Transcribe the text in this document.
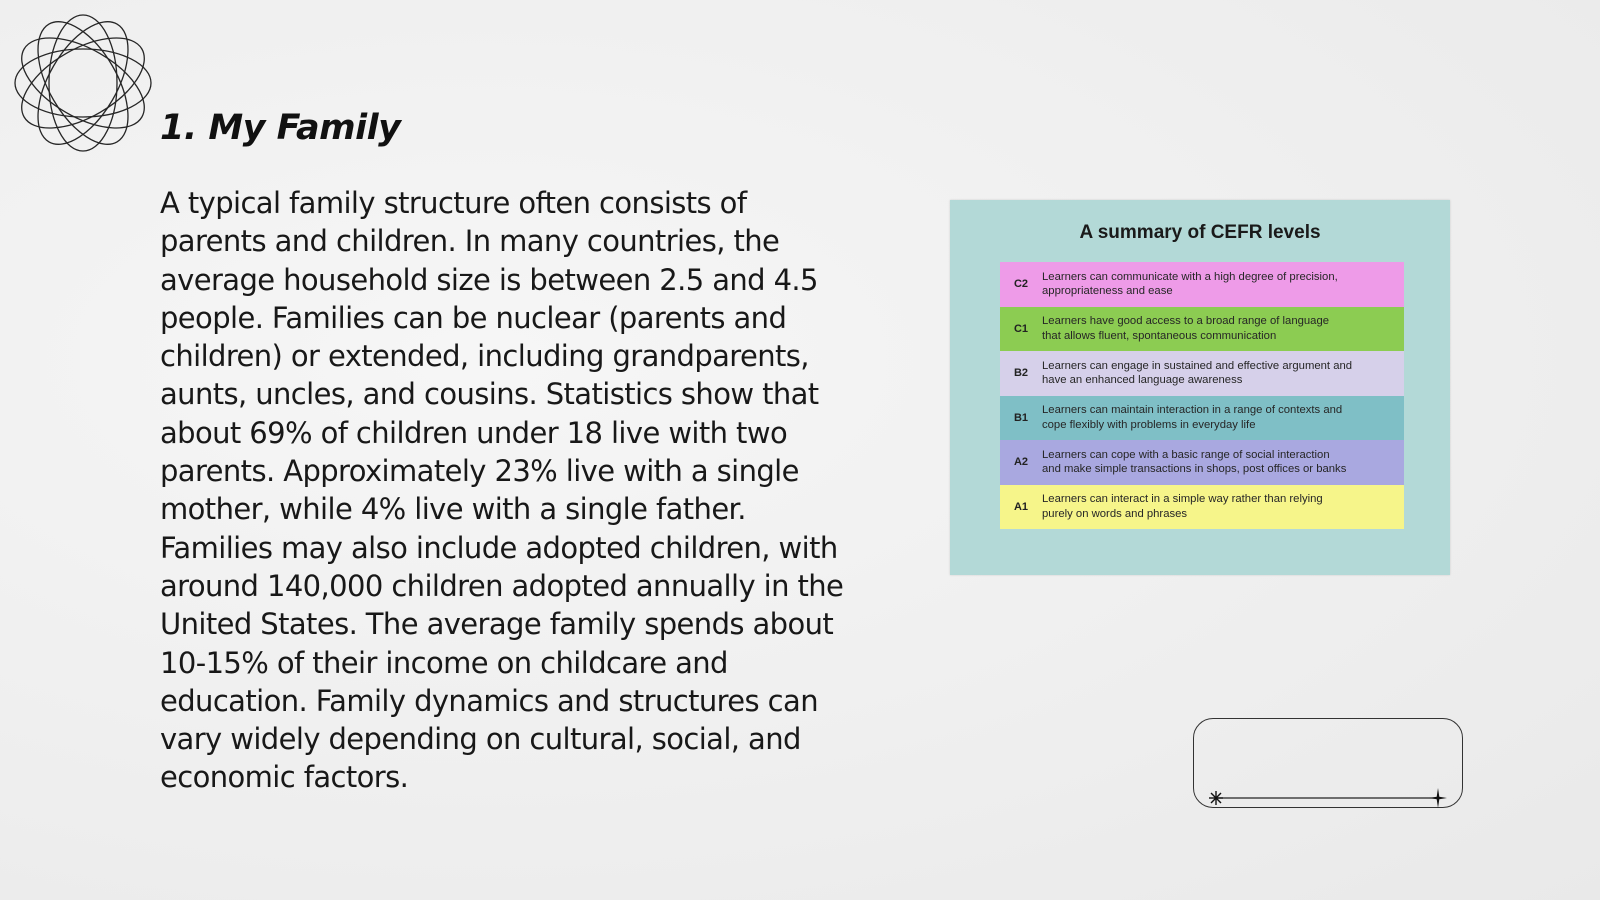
1. My Family

A typical family structure often consists of parents and children. In many countries, the average household size is between 2.5 and 4.5 people. Families can be nuclear (parents and children) or extended, including grandparents, aunts, uncles, and cousins. Statistics show that about 69% of children under 18 live with two parents. Approximately 23% live with a single mother, while 4% live with a single father. Families may also include adopted children, with around 140,000 children adopted annually in the United States. The average family spends about 10-15% of their income on childcare and education. Family dynamics and structures can vary widely depending on cultural, social, and economic factors.

A summary of CEFR levels
C2
Learners can communicate with a high degree of precision,
appropriateness and ease
C1
Learners have good access to a broad range of language
that allows fluent, spontaneous communication
B2
Learners can engage in sustained and effective argument and
have an enhanced language awareness
B1
Learners can maintain interaction in a range of contexts and
cope flexibly with problems in everyday life
A2
Learners can cope with a basic range of social interaction
and make simple transactions in shops, post offices or banks
A1
Learners can interact in a simple way rather than relying
purely on words and phrases
